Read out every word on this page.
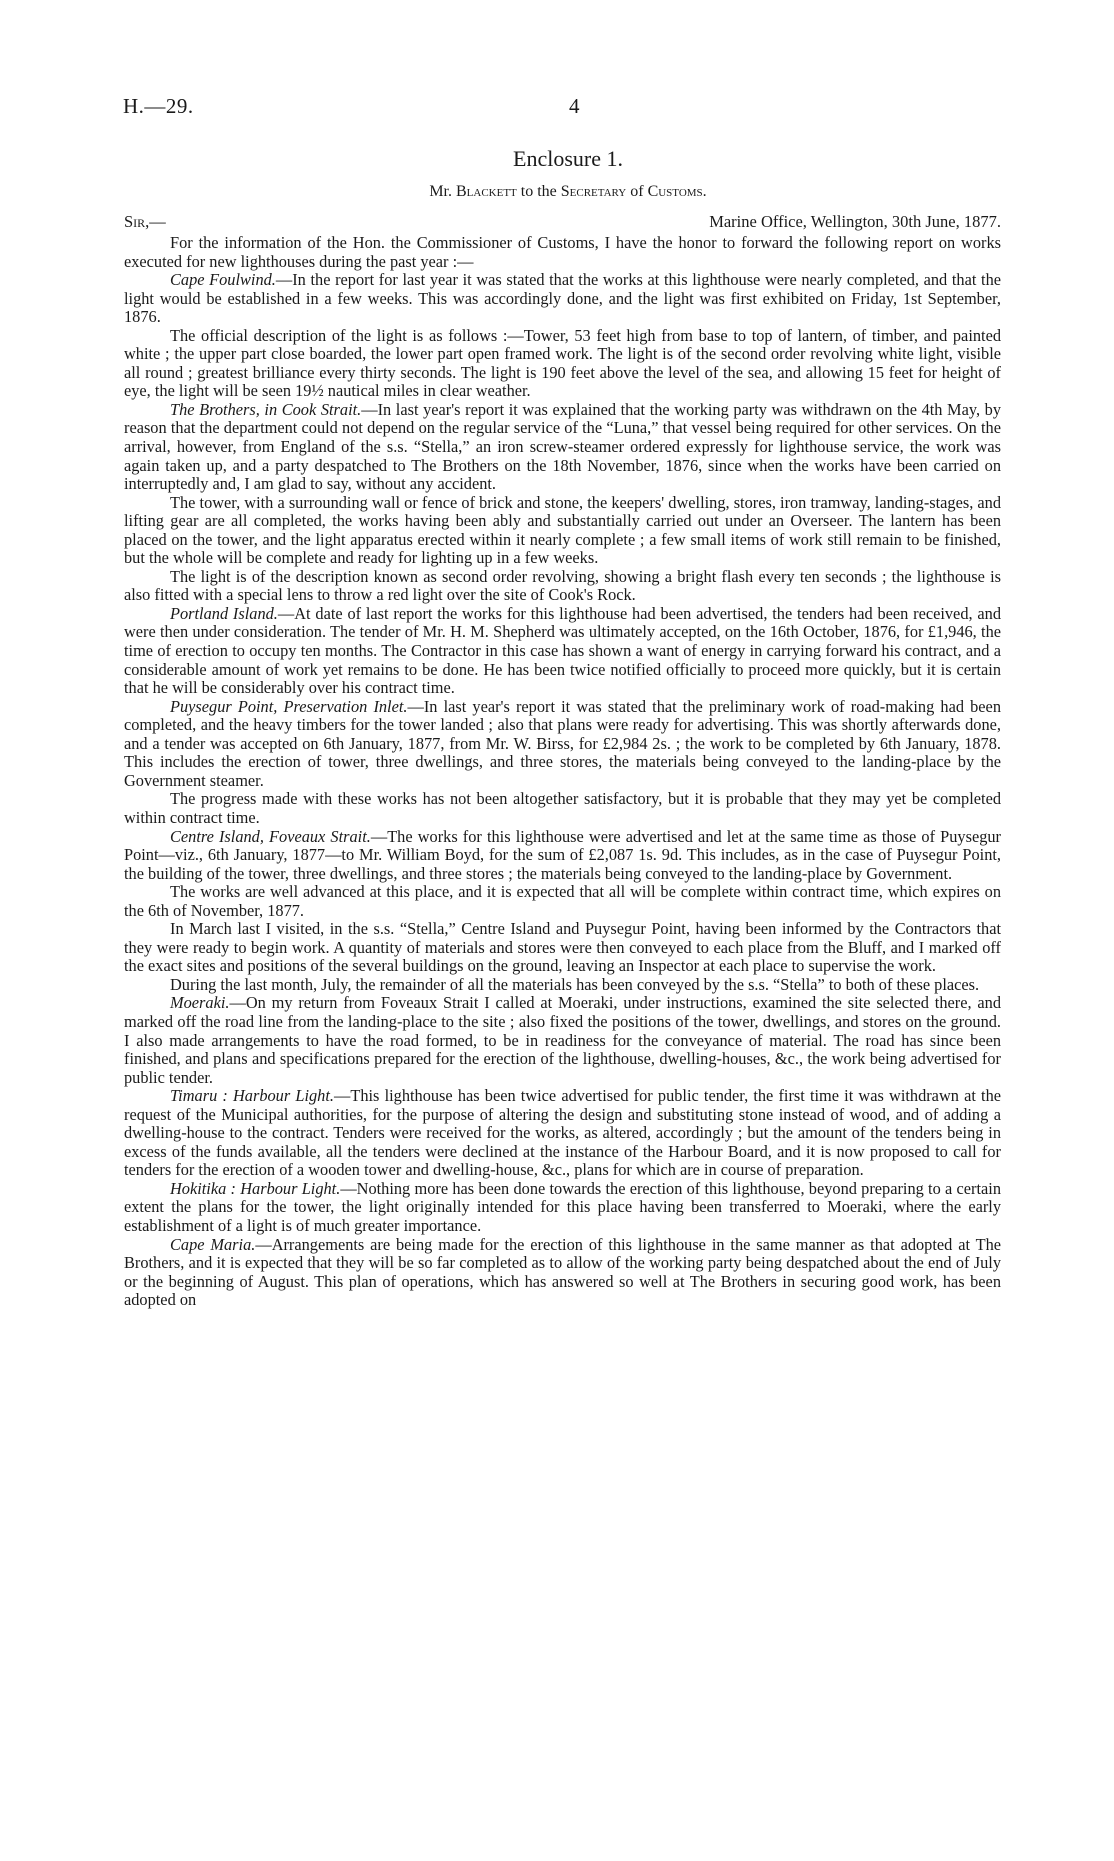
H.—29.	4
Enclosure 1.
Mr. Blackett to the Secretary of Customs.
Sir,—	Marine Office, Wellington, 30th June, 1877.

For the information of the Hon. the Commissioner of Customs, I have the honor to forward the following report on works executed for new lighthouses during the past year :—

Cape Foulwind.—In the report for last year it was stated that the works at this lighthouse were nearly completed, and that the light would be established in a few weeks. This was accordingly done, and the light was first exhibited on Friday, 1st September, 1876.

The official description of the light is as follows :—Tower, 53 feet high from base to top of lantern, of timber, and painted white ; the upper part close boarded, the lower part open framed work. The light is of the second order revolving white light, visible all round ; greatest brilliance every thirty seconds. The light is 190 feet above the level of the sea, and allowing 15 feet for height of eye, the light will be seen 19½ nautical miles in clear weather.

The Brothers, in Cook Strait.—In last year's report it was explained that the working party was withdrawn on the 4th May, by reason that the department could not depend on the regular service of the “Luna,” that vessel being required for other services. On the arrival, however, from England of the s.s. “Stella,” an iron screw-steamer ordered expressly for lighthouse service, the work was again taken up, and a party despatched to The Brothers on the 18th November, 1876, since when the works have been carried on interruptedly and, I am glad to say, without any accident.

The tower, with a surrounding wall or fence of brick and stone, the keepers' dwelling, stores, iron tramway, landing-stages, and lifting gear are all completed, the works having been ably and substantially carried out under an Overseer. The lantern has been placed on the tower, and the light apparatus erected within it nearly complete ; a few small items of work still remain to be finished, but the whole will be complete and ready for lighting up in a few weeks.

The light is of the description known as second order revolving, showing a bright flash every ten seconds ; the lighthouse is also fitted with a special lens to throw a red light over the site of Cook's Rock.

Portland Island.—At date of last report the works for this lighthouse had been advertised, the tenders had been received, and were then under consideration. The tender of Mr. H. M. Shepherd was ultimately accepted, on the 16th October, 1876, for £1,946, the time of erection to occupy ten months. The Contractor in this case has shown a want of energy in carrying forward his contract, and a considerable amount of work yet remains to be done. He has been twice notified officially to proceed more quickly, but it is certain that he will be considerably over his contract time.

Puysegur Point, Preservation Inlet.—In last year's report it was stated that the preliminary work of road-making had been completed, and the heavy timbers for the tower landed ; also that plans were ready for advertising. This was shortly afterwards done, and a tender was accepted on 6th January, 1877, from Mr. W. Birss, for £2,984 2s. ; the work to be completed by 6th January, 1878. This includes the erection of tower, three dwellings, and three stores, the materials being conveyed to the landing-place by the Government steamer.

The progress made with these works has not been altogether satisfactory, but it is probable that they may yet be completed within contract time.

Centre Island, Foveaux Strait.—The works for this lighthouse were advertised and let at the same time as those of Puysegur Point—viz., 6th January, 1877—to Mr. William Boyd, for the sum of £2,087 1s. 9d. This includes, as in the case of Puysegur Point, the building of the tower, three dwellings, and three stores ; the materials being conveyed to the landing-place by Government.

The works are well advanced at this place, and it is expected that all will be complete within contract time, which expires on the 6th of November, 1877.

In March last I visited, in the s.s. “Stella,” Centre Island and Puysegur Point, having been informed by the Contractors that they were ready to begin work. A quantity of materials and stores were then conveyed to each place from the Bluff, and I marked off the exact sites and positions of the several buildings on the ground, leaving an Inspector at each place to supervise the work.

During the last month, July, the remainder of all the materials has been conveyed by the s.s. “Stella” to both of these places.

Moeraki.—On my return from Foveaux Strait I called at Moeraki, under instructions, examined the site selected there, and marked off the road line from the landing-place to the site ; also fixed the positions of the tower, dwellings, and stores on the ground. I also made arrangements to have the road formed, to be in readiness for the conveyance of material. The road has since been finished, and plans and specifications prepared for the erection of the lighthouse, dwelling-houses, &c., the work being advertised for public tender.

Timaru : Harbour Light.—This lighthouse has been twice advertised for public tender, the first time it was withdrawn at the request of the Municipal authorities, for the purpose of altering the design and substituting stone instead of wood, and of adding a dwelling-house to the contract. Tenders were received for the works, as altered, accordingly ; but the amount of the tenders being in excess of the funds available, all the tenders were declined at the instance of the Harbour Board, and it is now proposed to call for tenders for the erection of a wooden tower and dwelling-house, &c., plans for which are in course of preparation.

Hokitika : Harbour Light.—Nothing more has been done towards the erection of this lighthouse, beyond preparing to a certain extent the plans for the tower, the light originally intended for this place having been transferred to Moeraki, where the early establishment of a light is of much greater importance.

Cape Maria.—Arrangements are being made for the erection of this lighthouse in the same manner as that adopted at The Brothers, and it is expected that they will be so far completed as to allow of the working party being despatched about the end of July or the beginning of August. This plan of operations, which has answered so well at The Brothers in securing good work, has been adopted on
